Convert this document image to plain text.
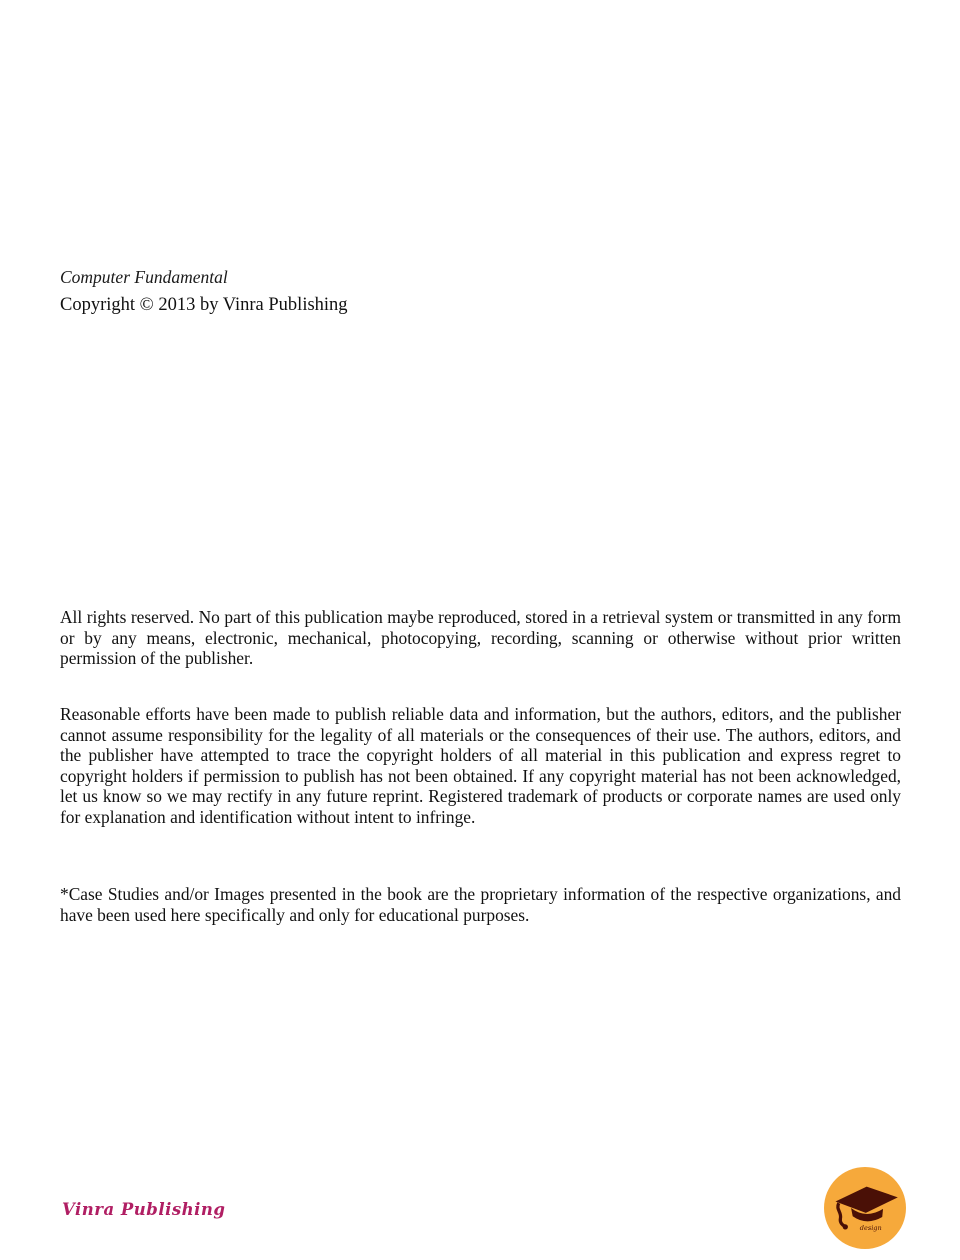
Computer Fundamental
Copyright © 2013 by Vinra Publishing

All rights reserved. No part of this publication maybe reproduced, stored in a retrieval system or transmitted in any form or by any means, electronic, mechanical, photocopying, recording, scanning or otherwise without prior written permission of the publisher.

Reasonable efforts have been made to publish reliable data and information, but the authors, editors, and the publisher cannot assume responsibility for the legality of all materials or the consequences of their use. The authors, editors, and the publisher have attempted to trace the copyright holders of all material in this publication and express regret to copyright holders if permission to publish has not been obtained. If any copyright material has not been acknowledged, let us know so we may rectify in any future reprint. Registered trademark of products or corporate names are used only for explanation and identification without intent to infringe.

*Case Studies and/or Images presented in the book are the proprietary information of the respective organizations, and have been used here specifically and only for educational purposes.

Vinra Publishing
design
